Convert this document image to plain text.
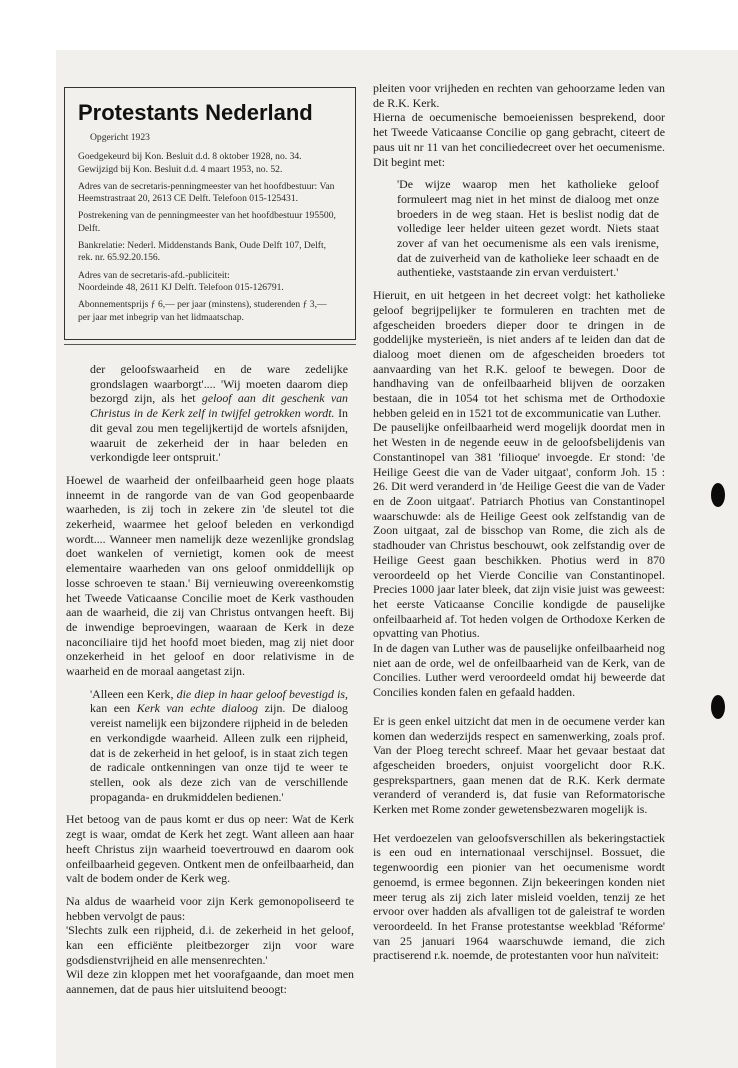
Protestants Nederland
Opgericht 1923

Goedgekeurd bij Kon. Besluit d.d. 8 oktober 1928, no. 34. Gewijzigd bij Kon. Besluit d.d. 4 maart 1953, no. 52.

Adres van de secretaris-penningmeester van het hoofdbestuur: Van Heemstrastraat 20, 2613 CE Delft. Telefoon 015-125431.

Postrekening van de penningmeester van het hoofdbestuur 195500, Delft.

Bankrelatie: Nederl. Middenstands Bank, Oude Delft 107, Delft, rek. nr. 65.92.20.156.

Adres van de secretaris-afd.-publiciteit:

Noordeinde 48, 2611 KJ Delft. Telefoon 015-126791.

Abonnementsprijs ƒ 6,— per jaar (minstens), studerenden ƒ 3,— per jaar met inbegrip van het lidmaatschap.

der geloofswaarheid en de ware zedelijke grondslagen waarborgt'.... 'Wij moeten daarom diep bezorgd zijn, als het geloof aan dit geschenk van Christus in de Kerk zelf in twijfel getrokken wordt. In dit geval zou men tegelijkertijd de wortels afsnijden, waaruit de zekerheid der in haar beleden en verkondigde leer ontspruit.'

Hoewel de waarheid der onfeilbaarheid geen hoge plaats inneemt in de rangorde van de van God geopenbaarde waarheden, is zij toch in zekere zin 'de sleutel tot die zekerheid, waarmee het geloof beleden en verkondigd wordt.... Wanneer men namelijk deze wezenlijke grondslag doet wankelen of vernietigt, komen ook de meest elementaire waarheden van ons geloof onmiddellijk op losse schroeven te staan.' Bij vernieuwing overeenkomstig het Tweede Vaticaanse Concilie moet de Kerk vasthouden aan de waarheid, die zij van Christus ontvangen heeft. Bij de inwendige beproevingen, waaraan de Kerk in deze naconciliaire tijd het hoofd moet bieden, mag zij niet door onzekerheid in het geloof en door relativisme in de waarheid en de moraal aangetast zijn.

'Alleen een Kerk, die diep in haar geloof bevestigd is, kan een Kerk van echte dialoog zijn. De dialoog vereist namelijk een bijzondere rijpheid in de beleden en verkondigde waarheid. Alleen zulk een rijpheid, dat is de zekerheid in het geloof, is in staat zich tegen de radicale ontkenningen van onze tijd te weer te stellen, ook als deze zich van de verschillende propaganda- en drukmiddelen bedienen.'

Het betoog van de paus komt er dus op neer: Wat de Kerk zegt is waar, omdat de Kerk het zegt. Want alleen aan haar heeft Christus zijn waarheid toevertrouwd en daarom ook onfeilbaarheid gegeven. Ontkent men de onfeilbaarheid, dan valt de bodem onder de Kerk weg.

Na aldus de waarheid voor zijn Kerk gemonopoliseerd te hebben vervolgt de paus:

'Slechts zulk een rijpheid, d.i. de zekerheid in het geloof, kan een efficiënte pleitbezorger zijn voor ware godsdienstvrijheid en alle mensenrechten.'

Wil deze zin kloppen met het voorafgaande, dan moet men aannemen, dat de paus hier uitsluitend beoogt:

pleiten voor vrijheden en rechten van gehoorzame leden van de R.K. Kerk.

Hierna de oecumenische bemoeienissen besprekend, door het Tweede Vaticaanse Concilie op gang gebracht, citeert de paus uit nr 11 van het conciliedecreet over het oecumenisme. Dit begint met:

'De wijze waarop men het katholieke geloof formuleert mag niet in het minst de dialoog met onze broeders in de weg staan. Het is beslist nodig dat de volledige leer helder uiteen gezet wordt. Niets staat zover af van het oecumenisme als een vals irenisme, dat de zuiverheid van de katholieke leer schaadt en de authentieke, vaststaande zin ervan verduistert.'

Hieruit, en uit hetgeen in het decreet volgt: het katholieke geloof begrijpelijker te formuleren en trachten met de afgescheiden broeders dieper door te dringen in de goddelijke mysterieën, is niet anders af te leiden dan dat de dialoog moet dienen om de afgescheiden broeders tot aanvaarding van het R.K. geloof te bewegen. Door de handhaving van de onfeilbaarheid blijven de oorzaken bestaan, die in 1054 tot het schisma met de Orthodoxie hebben geleid en in 1521 tot de excommunicatie van Luther.

De pauselijke onfeilbaarheid werd mogelijk doordat men in het Westen in de negende eeuw in de geloofsbelijdenis van Constantinopel van 381 'filioque' invoegde. Er stond: 'de Heilige Geest die van de Vader uitgaat', conform Joh. 15 : 26. Dit werd veranderd in 'de Heilige Geest die van de Vader en de Zoon uitgaat'. Patriarch Photius van Constantinopel waarschuwde: als de Heilige Geest ook zelfstandig van de Zoon uitgaat, zal de bisschop van Rome, die zich als de stadhouder van Christus beschouwt, ook zelfstandig over de Heilige Geest gaan beschikken. Photius werd in 870 veroordeeld op het Vierde Concilie van Constantinopel. Precies 1000 jaar later bleek, dat zijn visie juist was geweest: het eerste Vaticaanse Concilie kondigde de pauselijke onfeilbaarheid af. Tot heden volgen de Orthodoxe Kerken de opvatting van Photius.

In de dagen van Luther was de pauselijke onfeilbaarheid nog niet aan de orde, wel de onfeilbaarheid van de Kerk, van de Concilies. Luther werd veroordeeld omdat hij beweerde dat Concilies konden falen en gefaald hadden.

Er is geen enkel uitzicht dat men in de oecumene verder kan komen dan wederzijds respect en samenwerking, zoals prof. Van der Ploeg terecht schreef. Maar het gevaar bestaat dat afgescheiden broeders, onjuist voorgelicht door R.K. gesprekspartners, gaan menen dat de R.K. Kerk dermate veranderd of veranderd is, dat fusie van Reformatorische Kerken met Rome zonder gewetensbezwaren mogelijk is.

Het verdoezelen van geloofsverschillen als bekeringstactiek is een oud en internationaal verschijnsel. Bossuet, die tegenwoordig een pionier van het oecumenisme wordt genoemd, is ermee begonnen. Zijn bekeeringen konden niet meer terug als zij zich later misleid voelden, tenzij ze het ervoor over hadden als afvalligen tot de galeistraf te worden veroordeeld. In het Franse protestantse weekblad 'Réforme' van 25 januari 1964 waarschuwde iemand, die zich practiserend r.k. noemde, de protestanten voor hun naïviteit:
